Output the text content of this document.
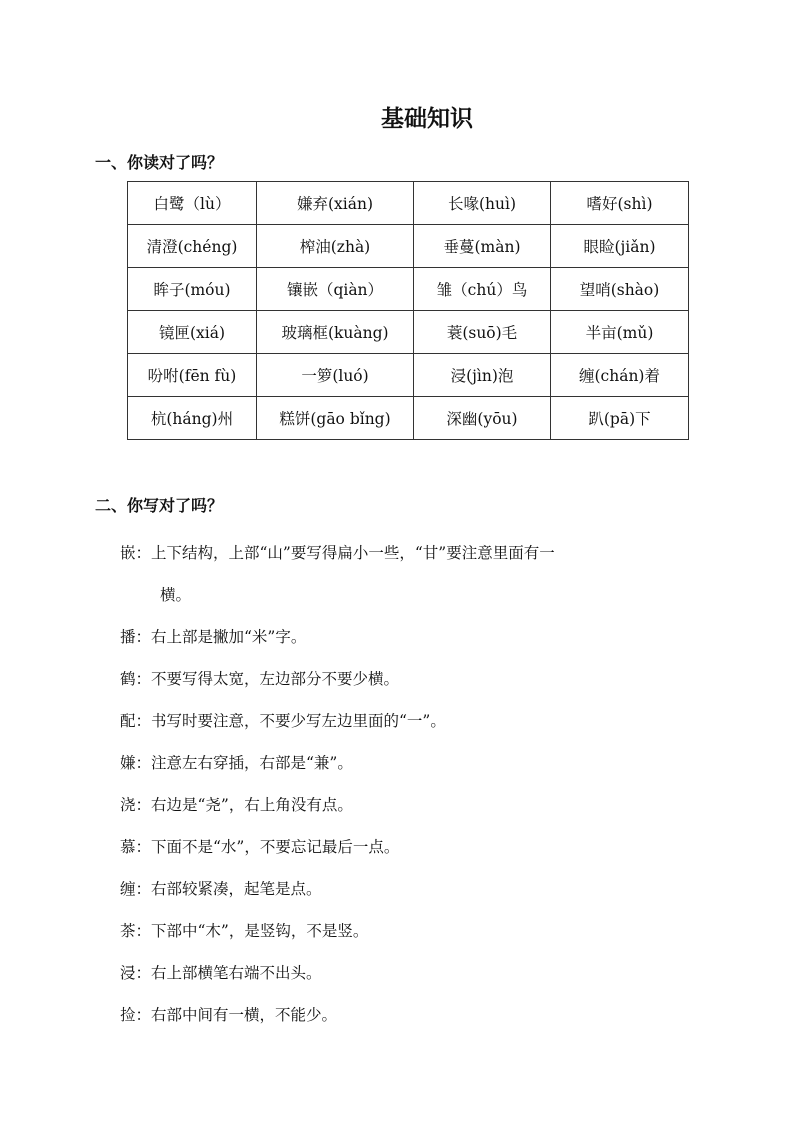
基础知识
一、你读对了吗？
白鹭（lù）	嫌弃(xián)	长喙(huì)	嗜好(shì)
清澄(chéng)	榨油(zhà)	垂蔓(màn)	眼睑(jiǎn)
眸子(móu)	镶嵌（qiàn）	雏（chú）鸟	望哨(shào)
镜匣(xiá)	玻璃框(kuàng)	蓑(suō)毛	半亩(mǔ)
吩咐(fēn fù)	一箩(luó)	浸(jìn)泡	缠(chán)着
杭(háng)州	糕饼(gāo bǐng)	深幽(yōu)	趴(pā)下
二、你写对了吗？
嵌：上下结构，上部“山”要写得扁小一些，“甘”要注意里面有一
横。
播：右上部是撇加“米”字。
鹤：不要写得太宽，左边部分不要少横。
配：书写时要注意，不要少写左边里面的“一”。
嫌：注意左右穿插，右部是“兼”。
浇：右边是“尧”，右上角没有点。
慕：下面不是“水”，不要忘记最后一点。
缠：右部较紧凑，起笔是点。
茶：下部中“木”，是竖钩，不是竖。
浸：右上部横笔右端不出头。
捡：右部中间有一横，不能少。
